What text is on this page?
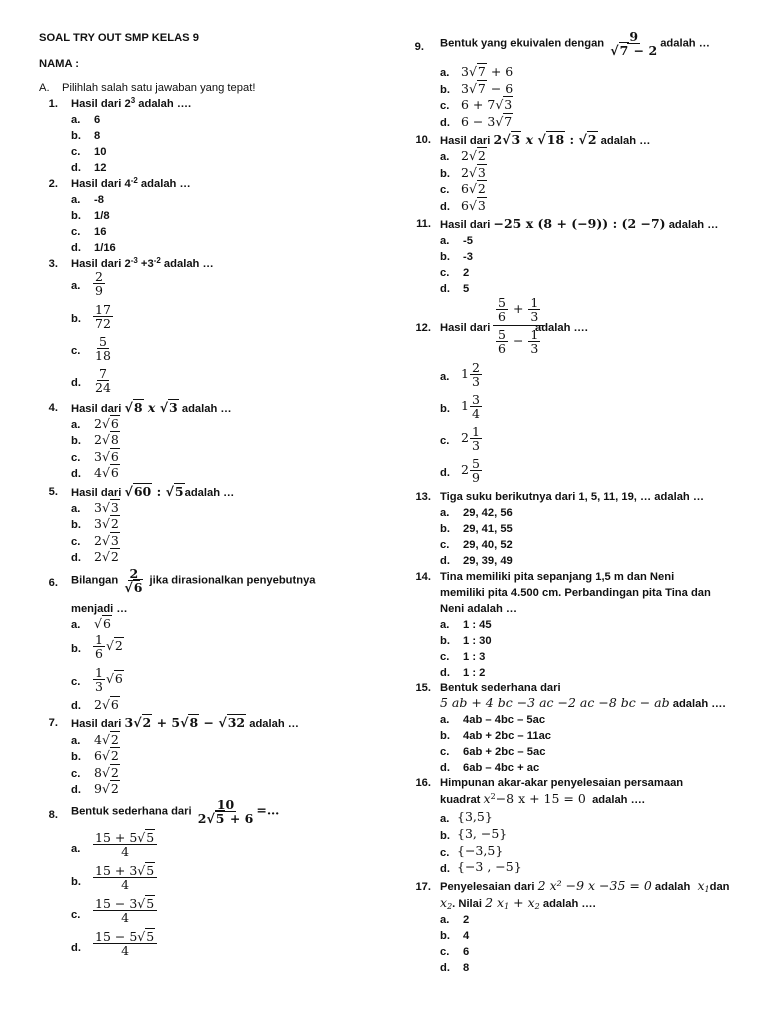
SOAL TRY OUT SMP KELAS 9
NAMA :
A. Pilihlah salah satu jawaban yang tepat!
1. Hasil dari $2^3$ adalah ….
a. 6
b. 8
c. 10
d. 12
2. Hasil dari $4^{-2}$ adalah …
a. -8
b. 1/8
c. 16
d. 1/16
3. Hasil dari $2^{-3} +3^{-2}$ adalah …
a. $\frac{2}{9}$
b. $\frac{17}{72}$
c. $\frac{5}{18}$
d. $\frac{7}{24}$
4. Hasil dari √8 x √3 adalah …
a. 2√6
b. 2√8
c. 3√6
d. 4√6
5. Hasil dari √60 : √5adalah …
a. 3√3
b. 3√2
c. 2√3
d. 2√2
6. Bilangan $\frac{2}{√6}$ jika dirasionalkan penyebutnya
menjadi …
a. √6
b. $\frac{1}{6} √2$
c. $\frac{1}{3} √6$
d. 2√6
7. Hasil dari 3√2 + 5√8 − √32 adalah …
a. 4√2
b. 6√2
c. 8√2
d. 9√2
8. Bentuk sederhana dari $\frac{10}{2√5 + 6}$ =…
a. $\frac{15 + 5√5}{4}$
b. $\frac{15 + 3√5}{4}$
c. $\frac{15 - 3√5}{4}$
d. $\frac{15 - 5√5}{4}$
9. Bentuk yang ekuivalen dengan $\frac{9}{√7 - 2}$ adalah …
a. 3√7 + 6
b. 3√7 − 6
c. 6 + 7√3
d. 6 − 3√7
10. Hasil dari 2√3 x √18 : √2 adalah …
a. 2√2
b. 2√3
c. 6√2
d. 6√3
11. Hasil dari −25 x (8 + (−9)) : (2 −7) adalah …
a. -5
b. -3
c. 2
d. 5
12. Hasil dari $\frac{\frac{5}{6} + \frac{1}{3}}{\frac{5}{6} - \frac{1}{3}}$
adalah ….
a. $1 \frac{2}{3}$
b. $1 \frac{3}{4}$
c. $2 \frac{1}{3}$
d. $2 \frac{5}{9}$
13. Tiga suku berikutnya dari 1, 5, 11, 19, … adalah …
a. 29, 42, 56
b. 29, 41, 55
c. 29, 40, 52
d. 29, 39, 49
14. Tina memiliki pita sepanjang 1,5 m dan Neni
memiliki pita 4.500 cm. Perbandingan pita Tina dan
Neni adalah …
a. 1 : 45
b. 1 : 30
c. 1 : 3
d. 1 : 2
15. Bentuk sederhana dari
5 ab + 4 bc −3 ac −2 ac −8 bc − ab adalah ….
a. 4ab – 4bc – 5ac
b. 4ab + 2bc – 11ac
c. 6ab + 2bc – 5ac
d. 6ab – 4bc + ac
16. Himpunan akar-akar penyelesaian persamaan
kuadrat $x^2-8$ x + 15 = 0 adalah ….
a. {3,5}
b. {3, −5}
c. {−3,5}
d. {−3 , −5}
17. Penyelesaian dari 2 x² −9 x −35 = 0 adalah $x_1dan$
$x_2$. Nilai 2 $x_1 + x_2$ adalah ….
a. 2
b. 4
c. 6
d. 8
